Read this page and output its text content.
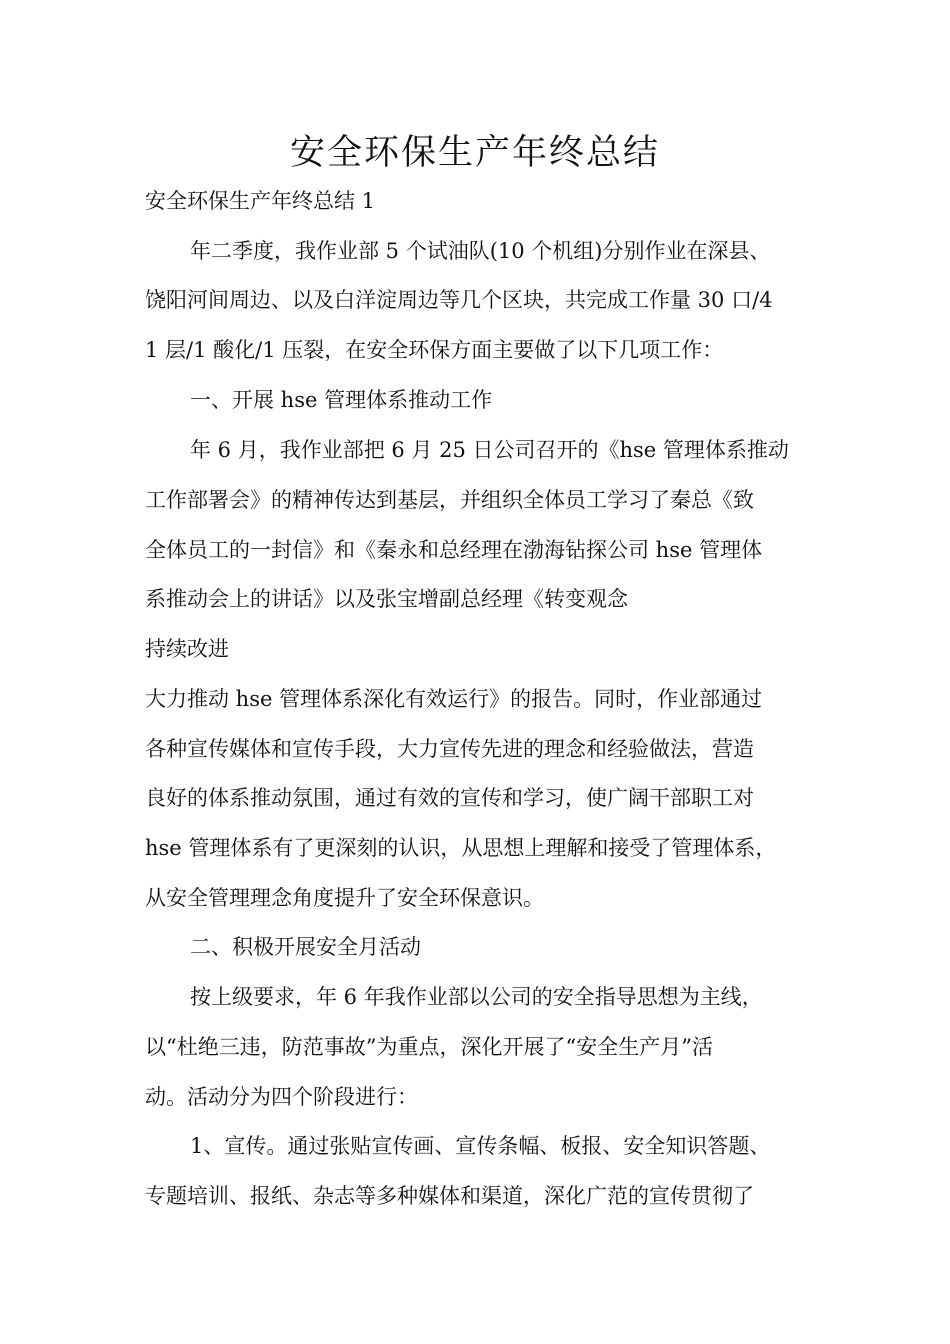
安全环保生产年终总结

安全环保生产年终总结 1

年二季度，我作业部 5 个试油队(10 个机组)分别作业在深县、

饶阳河间周边、以及白洋淀周边等几个区块，共完成工作量 30 口/4

1 层/1 酸化/1 压裂，在安全环保方面主要做了以下几项工作：

一、开展 hse 管理体系推动工作

年 6 月，我作业部把 6 月 25 日公司召开的《hse 管理体系推动

工作部署会》的精神传达到基层，并组织全体员工学习了秦总《致

全体员工的一封信》和《秦永和总经理在渤海钻探公司 hse 管理体

系推动会上的讲话》以及张宝增副总经理《转变观念

持续改进

大力推动 hse 管理体系深化有效运行》的报告。同时，作业部通过

各种宣传媒体和宣传手段，大力宣传先进的理念和经验做法，营造

良好的体系推动氛围，通过有效的宣传和学习，使广阔干部职工对

hse 管理体系有了更深刻的认识，从思想上理解和接受了管理体系，

从安全管理理念角度提升了安全环保意识。

二、积极开展安全月活动

按上级要求，年 6 年我作业部以公司的安全指导思想为主线，

以“杜绝三违，防范事故”为重点，深化开展了“安全生产月”活

动。活动分为四个阶段进行：

1、宣传。通过张贴宣传画、宣传条幅、板报、安全知识答题、

专题培训、报纸、杂志等多种媒体和渠道，深化广范的宣传贯彻了
